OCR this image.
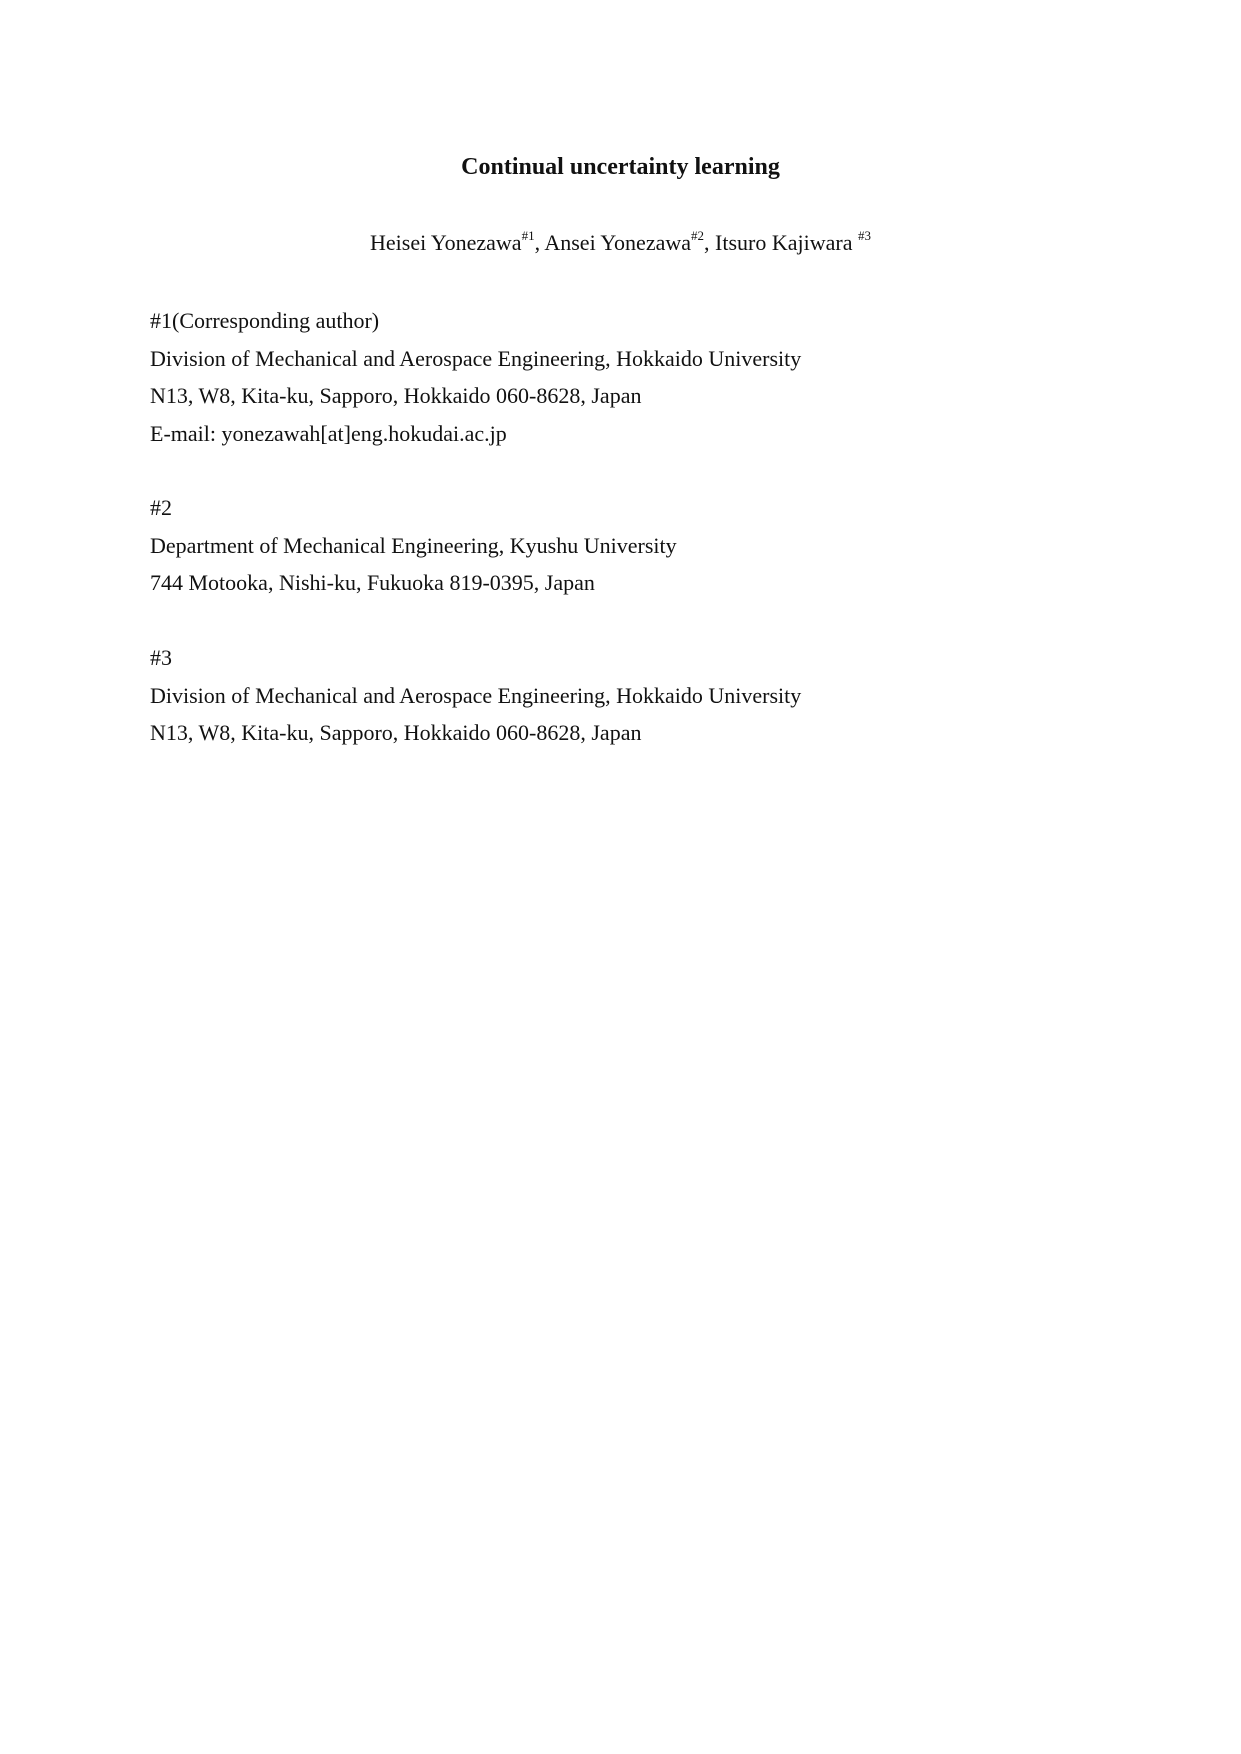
Continual uncertainty learning
Heisei Yonezawa$^{\#1}$, Ansei Yonezawa$^{\#2}$, Itsuro Kajiwara $^{\#3}$
#1(Corresponding author)
Division of Mechanical and Aerospace Engineering, Hokkaido University
N13, W8, Kita-ku, Sapporo, Hokkaido 060-8628, Japan
E-mail: yonezawah[at]eng.hokudai.ac.jp
#2
Department of Mechanical Engineering, Kyushu University
744 Motooka, Nishi-ku, Fukuoka 819-0395, Japan
#3
Division of Mechanical and Aerospace Engineering, Hokkaido University
N13, W8, Kita-ku, Sapporo, Hokkaido 060-8628, Japan
